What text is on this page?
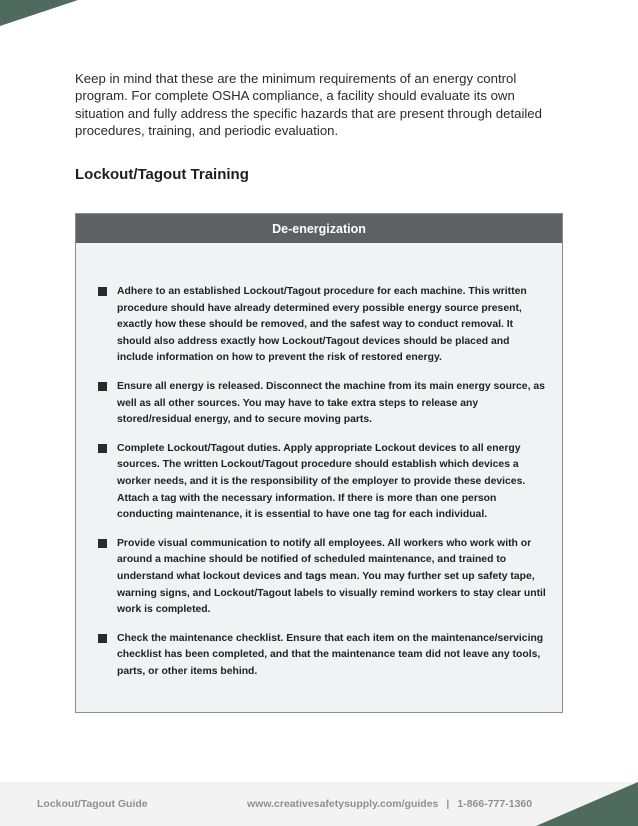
Keep in mind that these are the minimum requirements of an energy control program. For complete OSHA compliance, a facility should evaluate its own situation and fully address the specific hazards that are present through detailed procedures, training, and periodic evaluation.

Lockout/Tagout Training
De-energization
Adhere to an established Lockout/Tagout procedure for each machine. This written procedure should have already determined every possible energy source present, exactly how these should be removed, and the safest way to conduct removal. It should also address exactly how Lockout/Tagout devices should be placed and include information on how to prevent the risk of restored energy.
Ensure all energy is released. Disconnect the machine from its main energy source, as well as all other sources. You may have to take extra steps to release any stored/residual energy, and to secure moving parts.
Complete Lockout/Tagout duties. Apply appropriate Lockout devices to all energy sources. The written Lockout/Tagout procedure should establish which devices a worker needs, and it is the responsibility of the employer to provide these devices. Attach a tag with the necessary information. If there is more than one person conducting maintenance, it is essential to have one tag for each individual.
Provide visual communication to notify all employees. All workers who work with or around a machine should be notified of scheduled maintenance, and trained to understand what lockout devices and tags mean. You may further set up safety tape, warning signs, and Lockout/Tagout labels to visually remind workers to stay clear until work is completed.
Check the maintenance checklist. Ensure that each item on the maintenance/servicing checklist has been completed, and that the maintenance team did not leave any tools, parts, or other items behind.
Lockout/Tagout Guide	www.creativesafetysupply.com/guides | 1-866-777-1360
